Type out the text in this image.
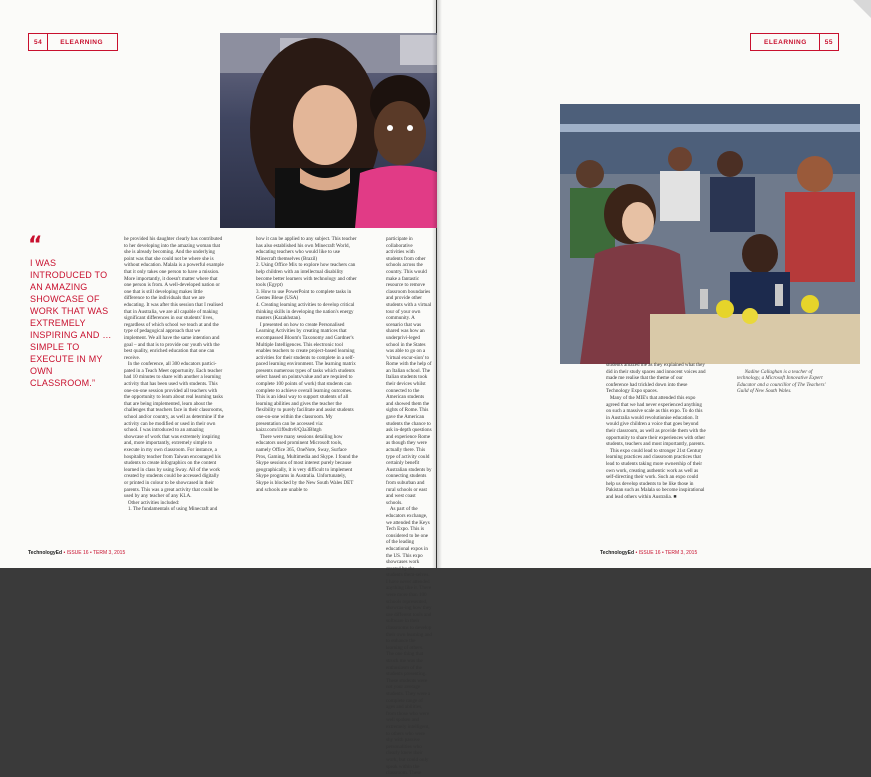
54	ELEARNING
“
I WAS INTRODUCED TO AN AMAZING SHOWCASE OF WORK THAT WAS EXTREMELY INSPIRING AND … SIMPLE TO EXECUTE IN MY OWN CLASSROOM.”
he provided his daughter clearly has contributed to her developing into the amazing woman that she is already becoming. And the underlying point was that she could not be where she is without education. Malala is a powerful example that it only takes one person to have a mission. More importantly, it doesn't matter where that one person is from. A well-developed nation or one that is still developing makes little difference to the individuals that we are educating. It was after this session that I realised that in Australia, we are all capable of making significant differences in our students' lives, regardless of which school we teach at and the type of pedagogical approach that we implement. We all have the same intention and goal – and that is to provide our youth with the best quality, enriched education that one can receive.
In the conference, all 300 educators partici-pated in a Teach Meet opportunity. Each teacher had 10 minutes to share with another a learning activity that has been used with students. This one-on-one session provided all teachers with the opportunity to learn about real learning tasks that are being implemented, learn about the challenges that teachers face in their classrooms, school and/or country, as well as determine if the activity can be modified or used in their own school. I was introduced to an amazing showcase of work that was extremely inspiring and, more importantly, extremely simple to execute in my own classroom. For instance, a hospitality teacher from Taiwan encouraged his students to create infographics on the content learned in class by using Sway. All of the work created by students could be accessed digitally or printed in colour to be showcased in their parents. This was a great activity that could be used by any teacher of any KLA.
Other activities included:
1. The fundamentals of using Minecraft and
how it can be applied to any subject. This teacher has also established his own Minecraft World, educating teachers who would like to use Minecraft themselves (Brazil)
2. Using Office Mix to explore how teachers can help children with an intellectual disability become better learners with technology and other tools (Egypt)
3. How to use PowerPoint to complete tasks in Gentes Bleue (USA)
4. Creating learning activities to develop critical thinking skills in developing the nation's energy masters (Kazakhstan).
I presented on how to create Personalised Learning Activities by creating matrices that encompassed Bloom's Taxonomy and Gardner's Multiple Intelligences. This electronic tool enables teachers to create project-based learning activities for their students to complete in a self-paced learning environment. The learning matrix presents numerous types of tasks which students select based on points/value and are required to complete 100 points of work) that students can complete to achieve overall learning outcomes. This is an ideal way to support students of all learning abilities and gives the teacher the flexibility to purely facilitate and assist students one-on-one within the classroom. My presentation can be accessed via: kaizr.com/i1f0sdtv8/Q3a3Bhtgh
There were many sessions detailing how educators used prominent Microsoft tools, namely Office 365, OneNote, Sway, Surface Pros, Gaming, Multimedia and Skype. I found the Skype sessions of most interest purely because geographically, it is very difficult to implement Skype programs in Australia. Unfortunately, Skype is blocked by the New South Wales DET and schools are unable to
participate in collaborative activities with students from other schools across the country. This would make a fantastic resource to remove classroom boundaries and provide other students with a virtual tour of your own community. A scenario that was shared was how an underprivi-leged school in the States was able to go on a 'virtual excur-sion' to Rome with the help of an Italian school. The Italian students took their devices whilst connected to the American students and showed them the sights of Rome. This gave the American students the chance to ask in-depth questions and experience Rome as though they were actually there. This type of activity could certainly benefit Australian students by connecting students from suburban and rural schools or east and west coast schools.
As part of the educators exchange, we attended the Keys Tech Expo. This is considered to be one of the leading educational expos in the US. This expo showcases work created by the students them-selves. I have never attended anything like it. There were more than 100 schools represented, showcas-ing how they use different tools and software in their classrooms to develop their own learning and to enhance the learning of others. The one thing that struck me was the enthusiasm of the students presenting. These students were not your average students. They were a complete range of ages and abilities, from those who were well spoken and extremely intelligent, to others who were shy with passive personalities who clearly knew their work, but could only speak within the classroom. These
TechnologyEd • ISSUE 16 • TERM 3, 2015
ELEARNING	55
students amazed me as they explained what they did in their study spaces and innocent voices and made me realise that the theme of our conference had trickled down into these Technology Expo spaces.
Many of the MIE's that attended this expo agreed that we had never experienced anything on such a massive scale as this expo. To do this in Australia would revolutionise education. It would give children a voice that goes beyond their classroom, as well as provide them with the opportunity to share their experiences with other students, teachers and most importantly, parents.
This expo could lead to stronger 21st Century learning practices and classroom practices that lead to students taking more ownership of their own work, creating authentic work as well as self-directing their work. Such an expo could help us develop students to be like those in Pakistan such as Malala so become inspirational and lead others within Australia. ■

Nadine Callaghan is a teacher of technology, a Microsoft Innovative Expert Educator and a councillor of The Teachers' Guild of New South Wales.

TechnologyEd • ISSUE 16 • TERM 3, 2015
